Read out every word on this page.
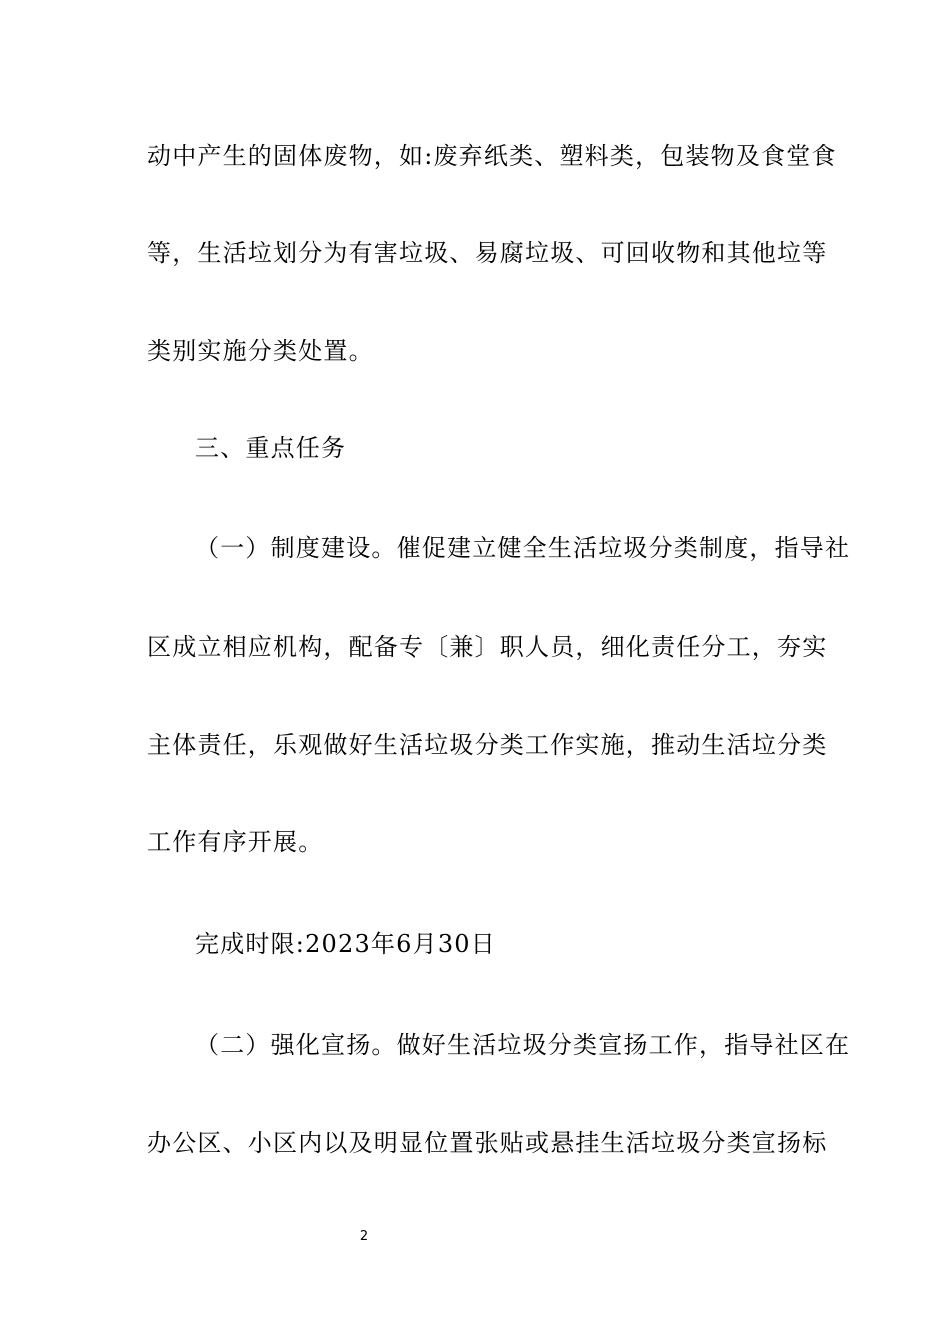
动中产生的固体废物，如:废弃纸类、塑料类，包装物及食堂食
等，生活垃划分为有害垃圾、易腐垃圾、可回收物和其他垃等
类别实施分类处置。
三、重点任务
（一）制度建设。催促建立健全生活垃圾分类制度，指导社
区成立相应机构，配备专〔兼〕职人员，细化责任分工，夯实
主体责任，乐观做好生活垃圾分类工作实施，推动生活垃分类
工作有序开展。
完成时限:2023年6月30日
（二）强化宣扬。做好生活垃圾分类宣扬工作，指导社区在
办公区、小区内以及明显位置张贴或悬挂生活垃圾分类宣扬标
2
